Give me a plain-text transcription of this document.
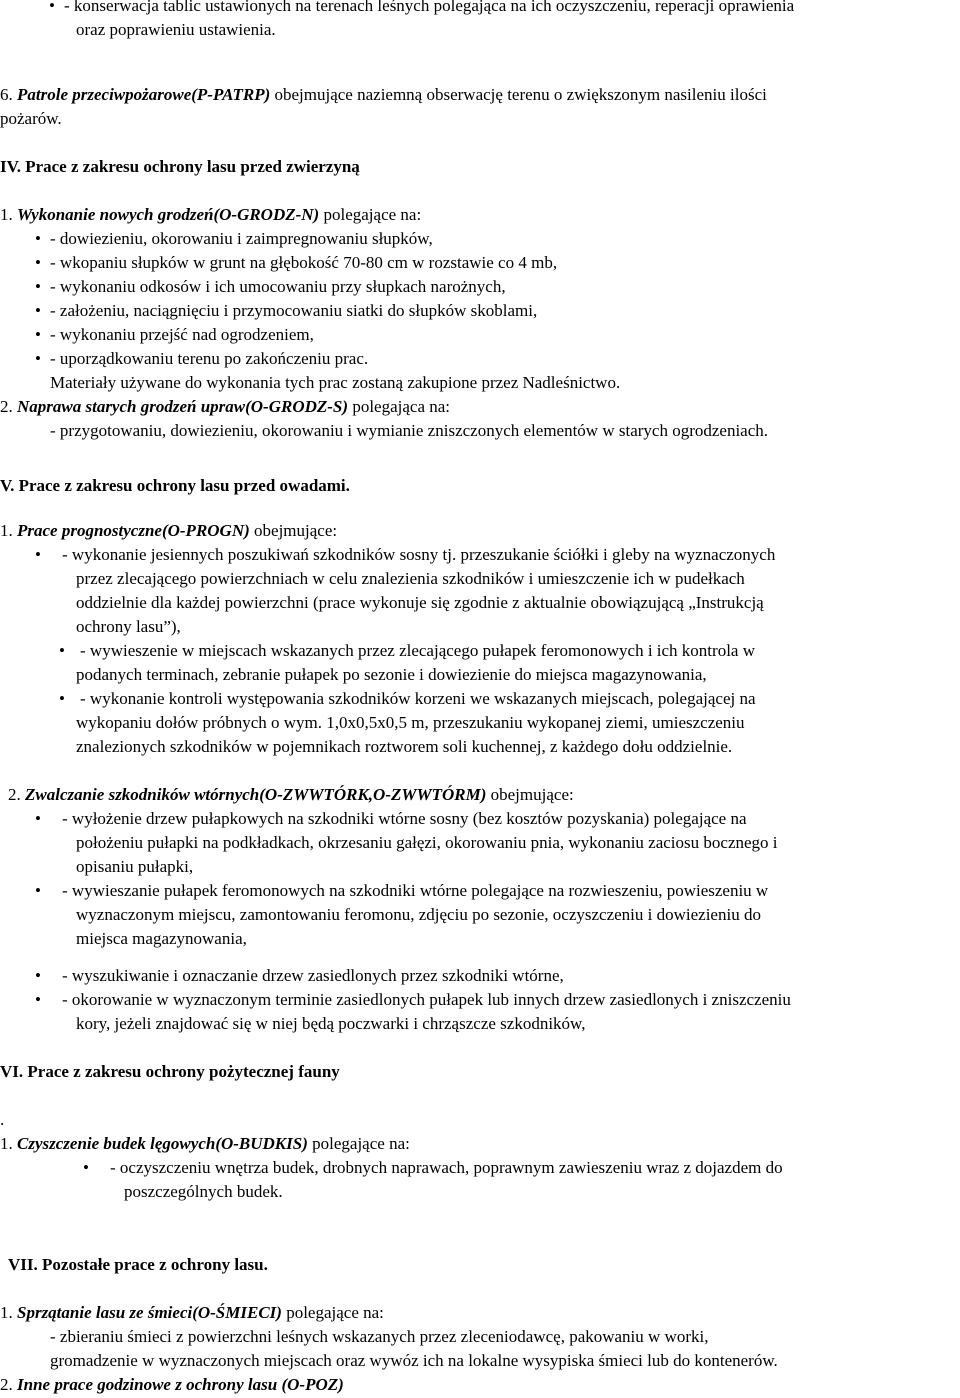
• - konserwacja tablic ustawionych na terenach leśnych polegająca na ich oczyszczeniu, reperacji oprawienia
oraz poprawieniu ustawienia.
6. Patrole przeciwpożarowe(P-PATRP) obejmujące naziemną obserwację terenu o zwiększonym nasileniu ilości
pożarów.
IV. Prace z zakresu ochrony lasu przed zwierzyną
1. Wykonanie nowych grodzeń(O-GRODZ-N) polegające na:
• - dowiezieniu, okorowaniu i zaimpregnowaniu słupków,
• - wkopaniu słupków w grunt na głębokość 70-80 cm w rozstawie co 4 mb,
• - wykonaniu odkosów i ich umocowaniu przy słupkach narożnych,
• - założeniu, naciągnięciu i przymocowaniu siatki do słupków skoblami,
• - wykonaniu przejść nad ogrodzeniem,
• - uporządkowaniu terenu po zakończeniu prac.
Materiały używane do wykonania tych prac zostaną zakupione przez Nadleśnictwo.
2. Naprawa starych grodzeń upraw(O-GRODZ-S) polegająca na:
- przygotowaniu, dowiezieniu, okorowaniu i wymianie zniszczonych elementów w starych ogrodzeniach.
V. Prace z zakresu ochrony lasu przed owadami.
1. Prace prognostyczne(O-PROGN) obejmujące:
• - wykonanie jesiennych poszukiwań szkodników sosny tj. przeszukanie ściółki i gleby na wyznaczonych
przez zlecającego powierzchniach w celu znalezienia szkodników i umieszczenie ich w pudełkach
oddzielnie dla każdej powierzchni (prace wykonuje się zgodnie z aktualnie obowiązującą „Instrukcją
ochrony lasu”),
• - wywieszenie w miejscach wskazanych przez zlecającego pułapek feromonowych i ich kontrola w
podanych terminach, zebranie pułapek po sezonie i dowiezienie do miejsca magazynowania,
• - wykonanie kontroli występowania szkodników korzeni we wskazanych miejscach, polegającej na
wykopaniu dołów próbnych o wym. 1,0x0,5x0,5 m, przeszukaniu wykopanej ziemi, umieszczeniu
znalezionych szkodników w pojemnikach roztworem soli kuchennej, z każdego dołu oddzielnie.
2. Zwalczanie szkodników wtórnych(O-ZWWTÓRK,O-ZWWTÓRM) obejmujące:
• - wyłożenie drzew pułapkowych na szkodniki wtórne sosny (bez kosztów pozyskania) polegające na
położeniu pułapki na podkładkach, okrzesaniu gałęzi, okorowaniu pnia, wykonaniu zaciosu bocznego i
opisaniu pułapki,
• - wywieszanie pułapek feromonowych na szkodniki wtórne polegające na rozwieszeniu, powieszeniu w
wyznaczonym miejscu, zamontowaniu feromonu, zdjęciu po sezonie, oczyszczeniu i dowiezieniu do
miejsca magazynowania,
• - wyszukiwanie i oznaczanie drzew zasiedlonych przez szkodniki wtórne,
• - okorowanie w wyznaczonym terminie zasiedlonych pułapek lub innych drzew zasiedlonych i zniszczeniu
kory, jeżeli znajdować się w niej będą poczwarki i chrząszcze szkodników,
VI. Prace z zakresu ochrony pożytecznej fauny
.
1. Czyszczenie budek lęgowych(O-BUDKIS) polegające na:
• - oczyszczeniu wnętrza budek, drobnych naprawach, poprawnym zawieszeniu wraz z dojazdem do
poszczególnych budek.
VII. Pozostałe prace z ochrony lasu.
1. Sprzątanie lasu ze śmieci(O-ŚMIECI) polegające na:
- zbieraniu śmieci z powierzchni leśnych wskazanych przez zleceniodawcę, pakowaniu w worki,
gromadzenie w wyznaczonych miejscach oraz wywóz ich na lokalne wysypiska śmieci lub do kontenerów.
2. Inne prace godzinowe z ochrony lasu (O-POZ)
